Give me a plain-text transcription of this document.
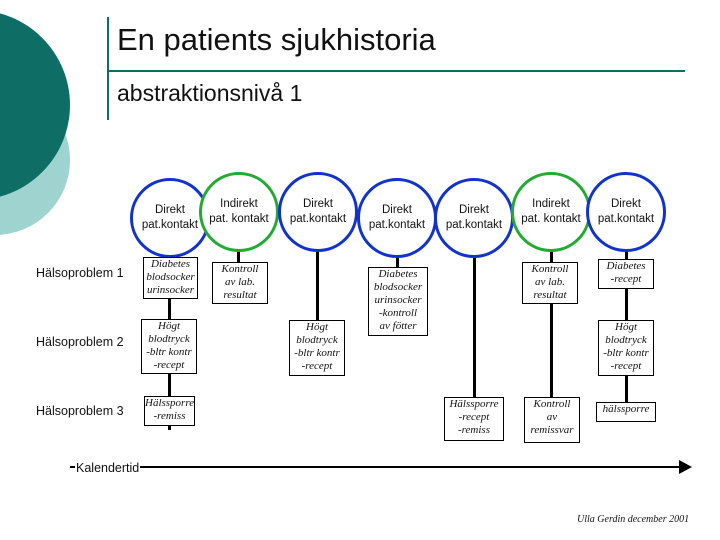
En patients sjukhistoria
abstraktionsnivå 1
Direkt
pat.kontakt
Indirekt
pat. kontakt
Direkt
pat.kontakt
Direkt
pat.kontakt
Direkt
pat.kontakt
Indirekt
pat. kontakt
Direkt
pat.kontakt
Hälsoproblem 1
Hälsoproblem 2
Hälsoproblem 3
Diabetes
blodsocker
urinsocker
Högt
blodtryck
-bltr kontr
-recept
Hälssporre
-remiss
Kontroll
av lab.
resultat
Högt
blodtryck
-bltr kontr
-recept
Diabetes
blodsocker
urinsocker
-kontroll
av fötter
Hälssporre
-recept
-remiss
Kontroll
av lab.
resultat
Kontroll
av
remissvar
Diabetes
-recept
Högt
blodtryck
-bltr kontr
-recept
hälssporre
Kalendertid
Ulla Gerdin december 2001
